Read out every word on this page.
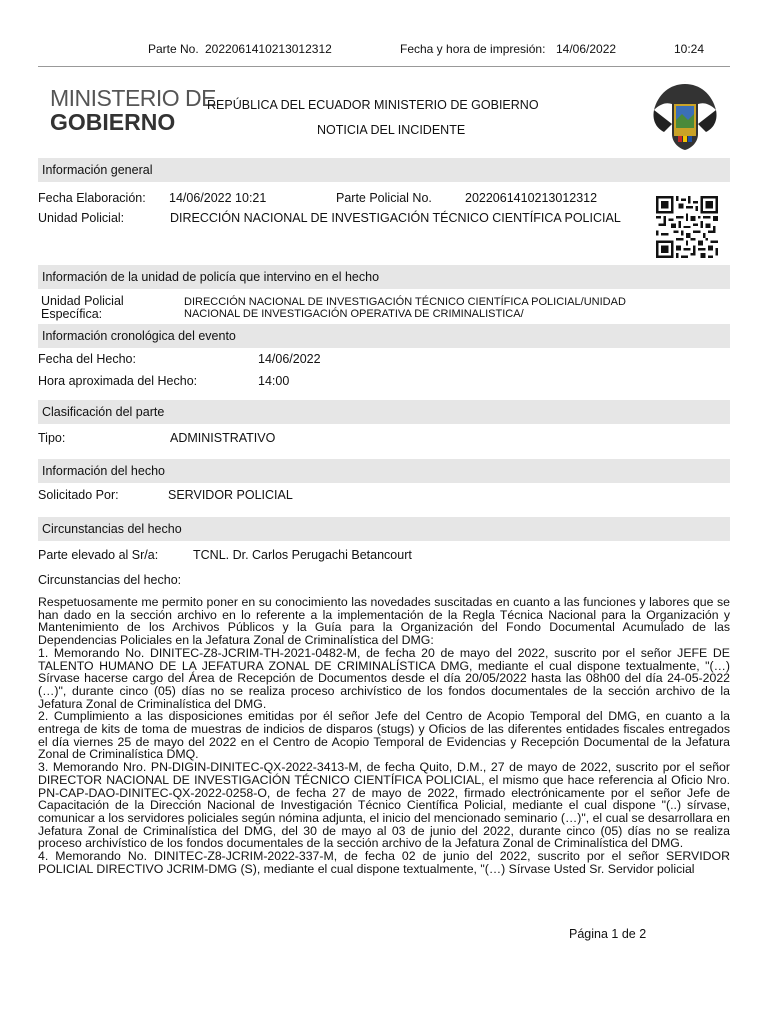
Parte No. 2022061410213012312	Fecha y hora de impresión: 14/06/2022	10:24
MINISTERIO DE
GOBIERNO
REPÚBLICA DEL ECUADOR MINISTERIO DE GOBIERNO
NOTICIA DEL INCIDENTE
·
Información general
Fecha Elaboración: 14/06/2022 10:21	Parte Policial No.	2022061410213012312
Unidad Policial:	DIRECCIÓN NACIONAL DE INVESTIGACIÓN TÉCNICO CIENTÍFICA POLICIAL
Información de la unidad de policía que intervino en el hecho
Unidad Policial
Específica:
DIRECCIÓN NACIONAL DE INVESTIGACIÓN TÉCNICO CIENTÍFICA POLICIAL/UNIDAD
NACIONAL DE INVESTIGACIÓN OPERATIVA DE CRIMINALISTICA/
Información cronológica del evento
Fecha del Hecho:	14/06/2022
Hora aproximada del Hecho:	14:00
Clasificación del parte
Tipo:	ADMINISTRATIVO
Información del hecho
Solicitado Por:	SERVIDOR POLICIAL
Circunstancias del hecho
Parte elevado al Sr/a:	TCNL. Dr. Carlos Perugachi Betancourt
Circunstancias del hecho:

Respetuosamente me permito poner en su conocimiento las novedades suscitadas en cuanto a las funciones y labores que se han dado en la sección archivo en lo referente a la implementación de la Regla Técnica Nacional para la Organización y Mantenimiento de los Archivos Públicos y la Guía para la Organización del Fondo Documental Acumulado de las Dependencias Policiales en la Jefatura Zonal de Criminalística del DMG:

1. Memorando No. DINITEC-Z8-JCRIM-TH-2021-0482-M, de fecha 20 de mayo del 2022, suscrito por el señor JEFE DE TALENTO HUMANO DE LA JEFATURA ZONAL DE CRIMINALÍSTICA DMG, mediante el cual dispone textualmente, "(…) Sírvase hacerse cargo del Área de Recepción de Documentos desde el día 20/05/2022 hasta las 08h00 del día 24-05-2022 (…)", durante cinco (05) días no se realiza proceso archivístico de los fondos documentales de la sección archivo de la Jefatura Zonal de Criminalística del DMG.

2. Cumplimiento a las disposiciones emitidas por él señor Jefe del Centro de Acopio Temporal del DMG, en cuanto a la entrega de kits de toma de muestras de indicios de disparos (stugs) y Oficios de las diferentes entidades fiscales entregados el día viernes 25 de mayo del 2022 en el Centro de Acopio Temporal de Evidencias y Recepción Documental de la Jefatura Zonal de Criminalística DMQ.

3. Memorando Nro. PN-DIGIN-DINITEC-QX-2022-3413-M, de fecha Quito, D.M., 27 de mayo de 2022, suscrito por el señor DIRECTOR NACIONAL DE INVESTIGACIÓN TÉCNICO CIENTÍFICA POLICIAL, el mismo que hace referencia al Oficio Nro. PN-CAP-DAO-DINITEC-QX-2022-0258-O, de fecha 27 de mayo de 2022, firmado electrónicamente por el señor Jefe de Capacitación de la Dirección Nacional de Investigación Técnico Científica Policial, mediante el cual dispone "(..) sírvase, comunicar a los servidores policiales según nómina adjunta, el inicio del mencionado seminario (…)", el cual se desarrollara en Jefatura Zonal de Criminalística del DMG, del 30 de mayo al 03 de junio del 2022, durante cinco (05) días no se realiza proceso archivístico de los fondos documentales de la sección archivo de la Jefatura Zonal de Criminalística del DMG.

4. Memorando No. DINITEC-Z8-JCRIM-2022-337-M, de fecha 02 de junio del 2022, suscrito por el señor SERVIDOR POLICIAL DIRECTIVO JCRIM-DMG (S), mediante el cual dispone textualmente, "(…) Sírvase Usted Sr. Servidor policial

Página 1 de 2
